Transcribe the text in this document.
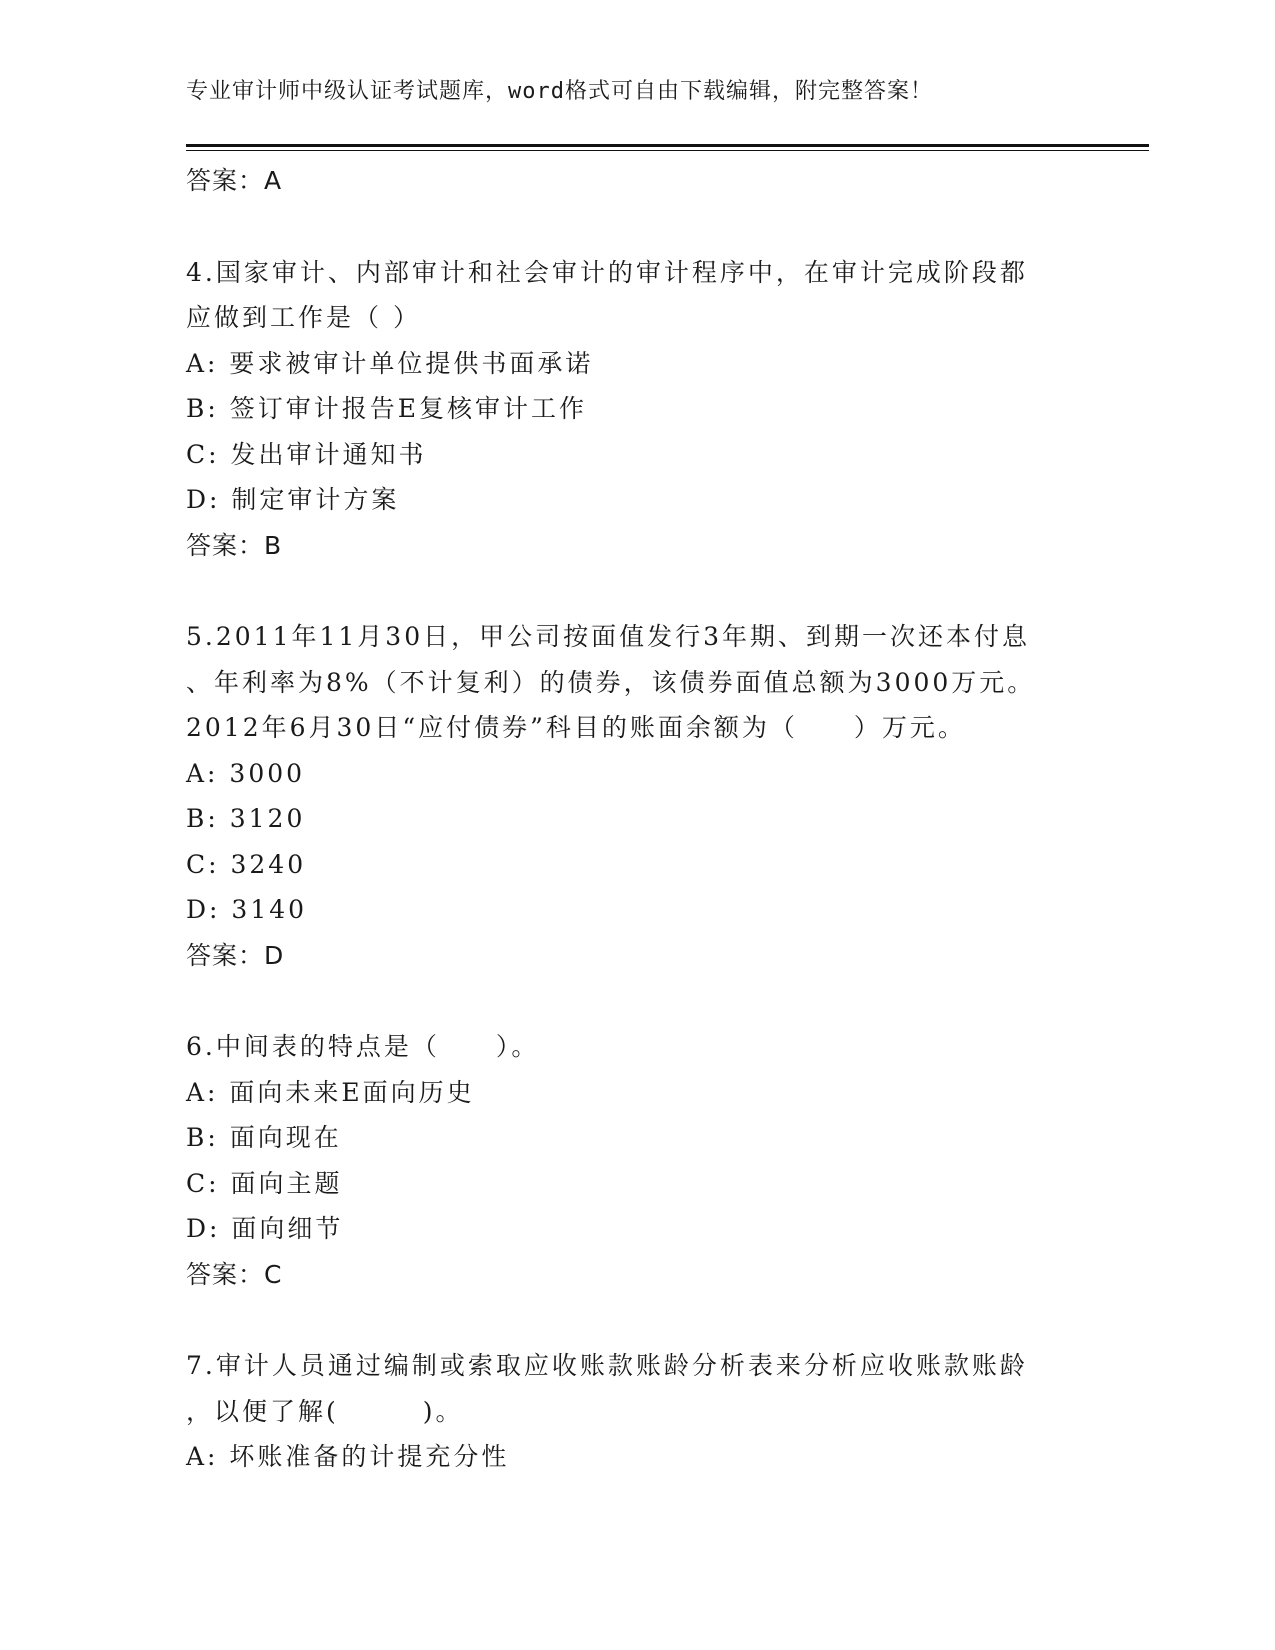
专业审计师中级认证考试题库，word格式可自由下载编辑，附完整答案！
答案：A
4.国家审计、内部审计和社会审计的审计程序中，在审计完成阶段都
应做到工作是（ ）
A: 要求被审计单位提供书面承诺
B: 签订审计报告E复核审计工作
C: 发出审计通知书
D: 制定审计方案
答案：B
5.2011年11月30日，甲公司按面值发行3年期、到期一次还本付息
、年利率为8%（不计复利）的债券，该债券面值总额为3000万元。
2012年6月30日“应付债券”科目的账面余额为（　　）万元。
A: 3000
B: 3120
C: 3240
D: 3140
答案：D
6.中间表的特点是（　　）。
A: 面向未来E面向历史
B: 面向现在
C: 面向主题
D: 面向细节
答案：C
7.审计人员通过编制或索取应收账款账龄分析表来分析应收账款账龄
，以便了解(　　　)。
A: 坏账准备的计提充分性
